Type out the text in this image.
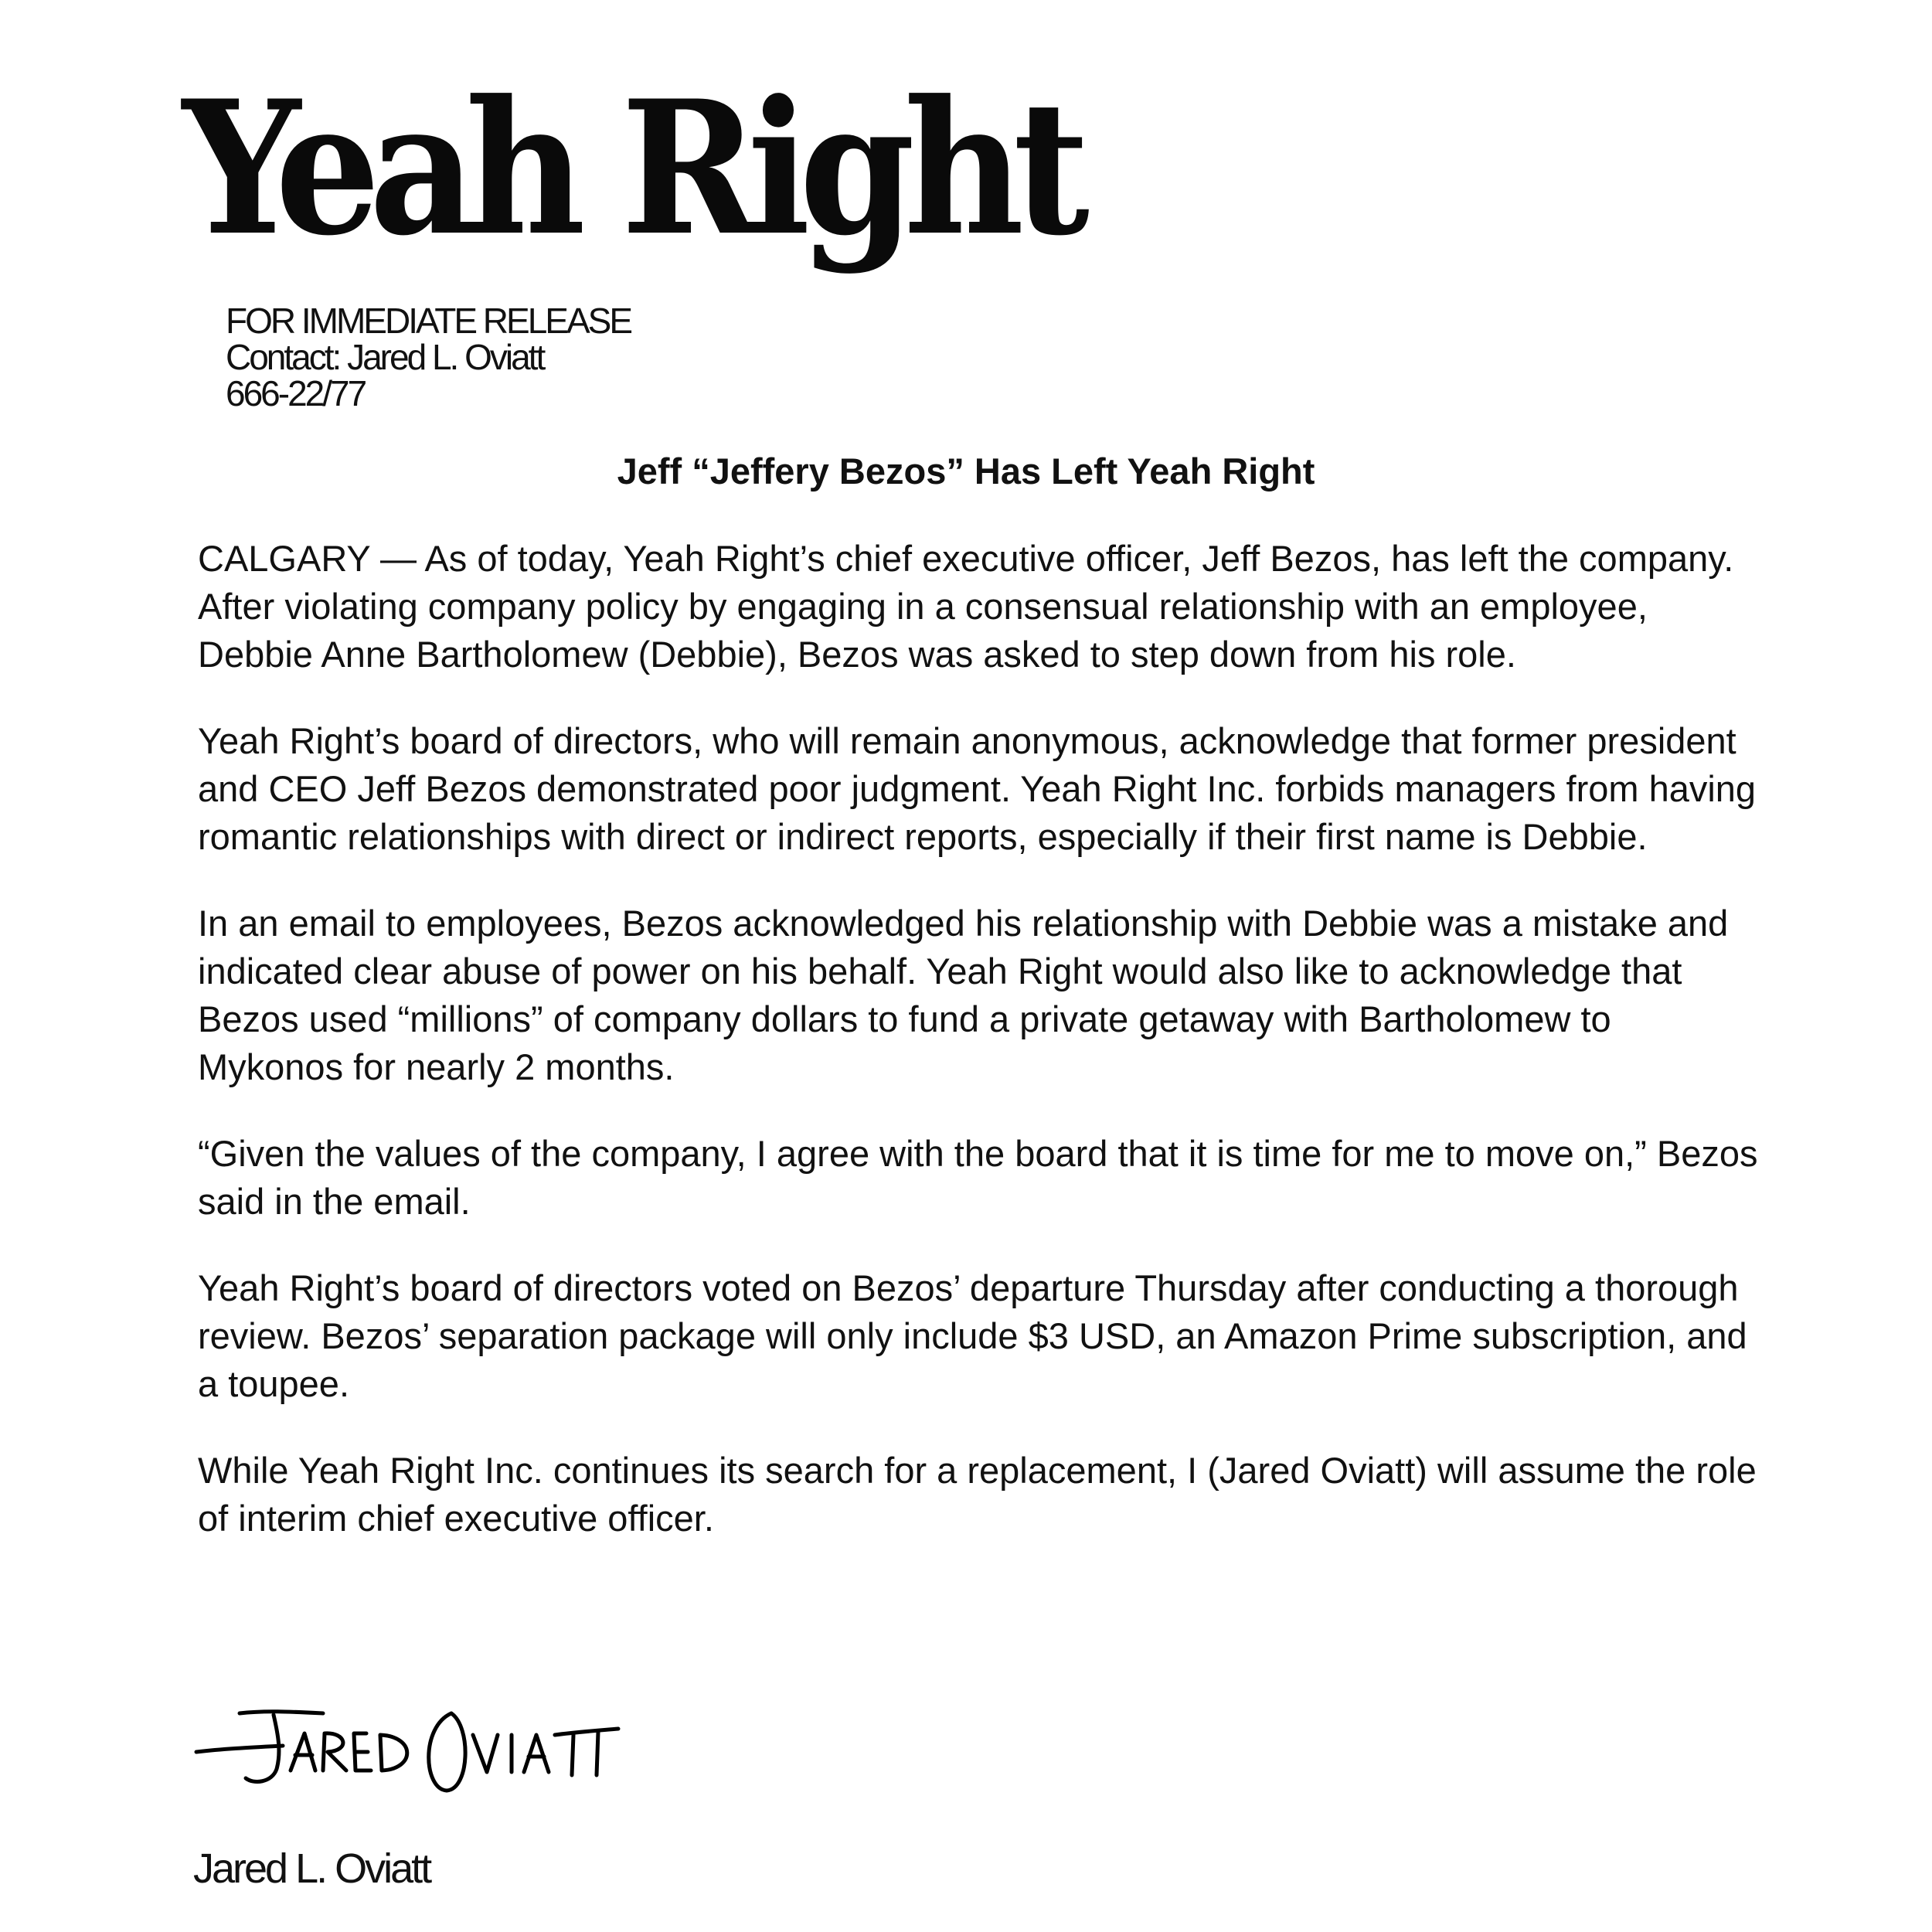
Yeah Right
FOR IMMEDIATE RELEASE
Contact: Jared L. Oviatt
666-22/77
Jeff “Jeffery Bezos” Has Left Yeah Right

CALGARY — As of today, Yeah Right’s chief executive officer, Jeff Bezos, has left the company. After violating company policy by engaging in a consensual relationship with an employee, Debbie Anne Bartholomew (Debbie), Bezos was asked to step down from his role.

Yeah Right’s board of directors, who will remain anonymous, acknowledge that former president and CEO Jeff Bezos demonstrated poor judgment. Yeah Right Inc. forbids managers from having romantic relationships with direct or indirect reports, especially if their first name is Debbie.

In an email to employees, Bezos acknowledged his relationship with Debbie was a mistake and indicated clear abuse of power on his behalf. Yeah Right would also like to acknowledge that Bezos used “millions” of company dollars to fund a private getaway with Bartholomew to Mykonos for nearly 2 months.

“Given the values of the company, I agree with the board that it is time for me to move on,” Bezos said in the email.

Yeah Right’s board of directors voted on Bezos’ departure Thursday after conducting a thorough review. Bezos’ separation package will only include $3 USD, an Amazon Prime subscription, and a toupee.

While Yeah Right Inc. continues its search for a replacement, I (Jared Oviatt) will assume the role of interim chief executive officer.

Jared L. Oviatt
